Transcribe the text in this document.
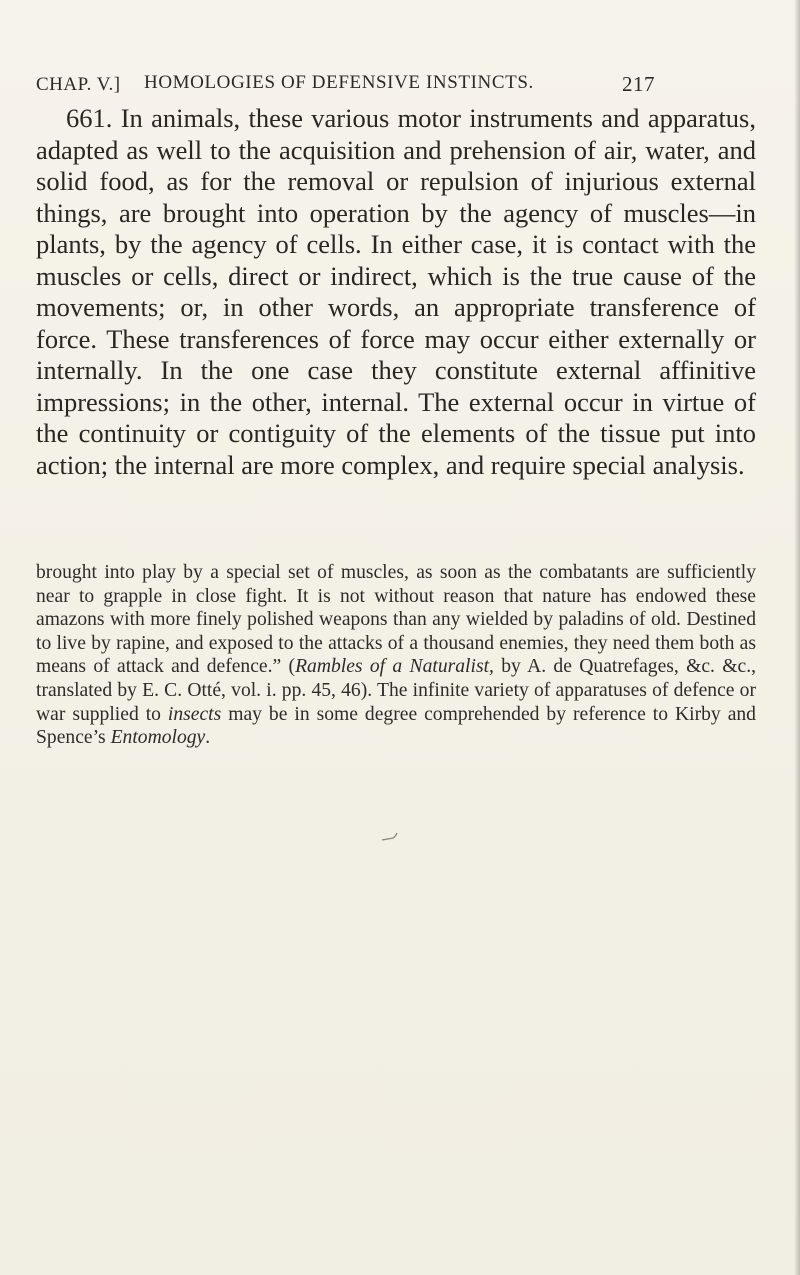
CHAP. V.] HOMOLOGIES OF DEFENSIVE INSTINCTS.	217

661. In animals, these various motor instruments and apparatus, adapted as well to the acquisition and prehension of air, water, and solid food, as for the removal or repulsion of injurious external things, are brought into operation by the agency of muscles—in plants, by the agency of cells. In either case, it is contact with the muscles or cells, direct or indirect, which is the true cause of the movements; or, in other words, an appropriate transference of force. These transferences of force may occur either externally or internally. In the one case they constitute external affinitive impressions; in the other, internal. The external occur in virtue of the continuity or contiguity of the elements of the tissue put into action; the internal are more complex, and require special analysis.

brought into play by a special set of muscles, as soon as the combatants are sufficiently near to grapple in close fight. It is not without reason that nature has endowed these amazons with more finely polished weapons than any wielded by paladins of old. Destined to live by rapine, and exposed to the attacks of a thousand enemies, they need them both as means of attack and defence.” (Rambles of a Naturalist, by A. de Quatrefages, &c. &c., translated by E. C. Otté, vol. i. pp. 45, 46). The infinite variety of apparatuses of defence or war supplied to insects may be in some degree comprehended by reference to Kirby and Spence’s Entomology.
